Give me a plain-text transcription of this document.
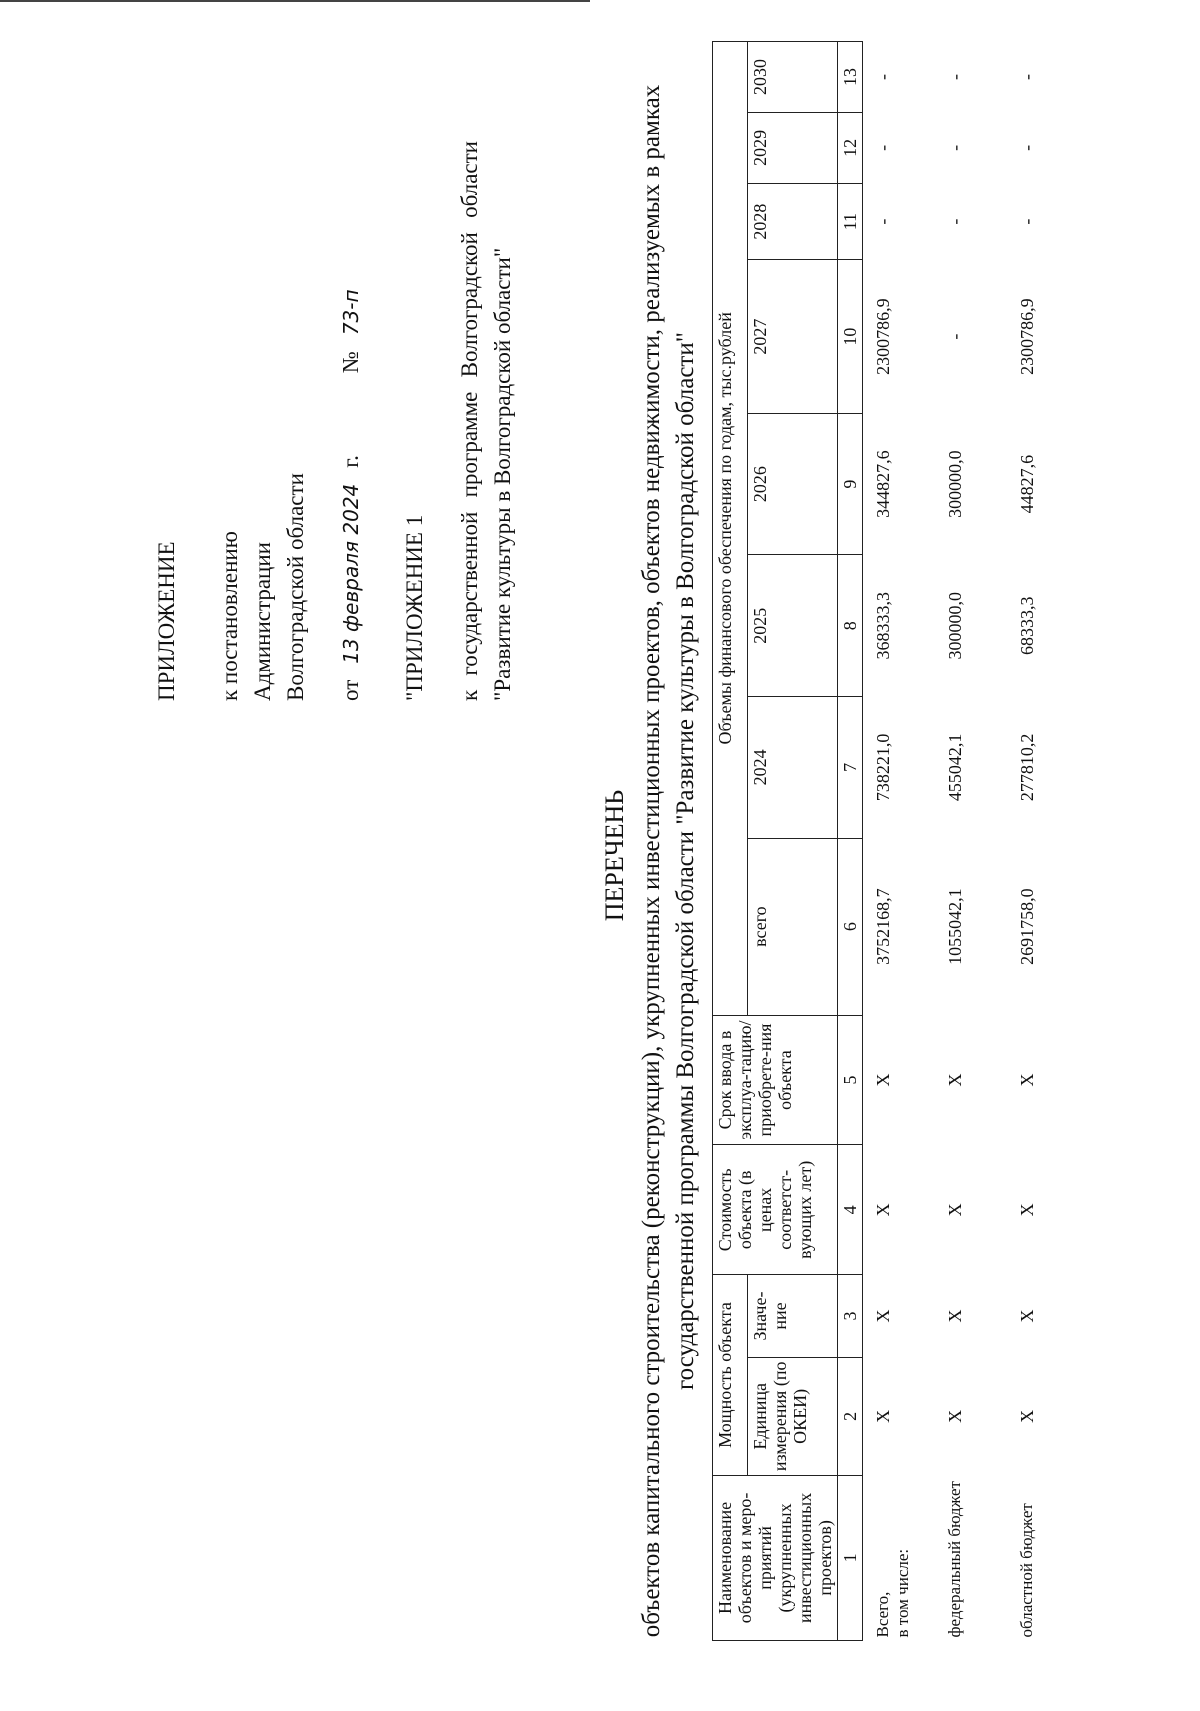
ПРИЛОЖЕНИЕ к постановлению Администрации Волгоградской области от
13 февраля 2024
г.
№
73-п
"ПРИЛОЖЕНИЕ 1 к государственной программе Волгоградской области "Развитие культуры в Волгоградской области"
ПЕРЕЧЕНЬ объектов капитального строительства (реконструкции), укрупненных инвестиционных проектов, объектов недвижимости, реализуемых в рамках государственной программы Волгоградской области "Развитие культуры в Волгоградской области"
Наименование объектов и меро-приятий (укрупненных инвестиционных проектов)	Мощность объекта		Стоимость объекта (в ценах соответст-вующих лет)	Срок ввода в эксплуа-тацию/ приобрете-ния объекта	Объемы финансового обеспечения по годам, тыс.рублей							
	Единица измерения (по ОКЕИ)	Значе-ние			всего	2024	2025	2026	2027	2028	2029	2030
1	2	3	4	5	6	7	8	9	10	11	12	13
Всего,
в том числе:	Х	Х	Х	Х	3752168,7	738221,0	368333,3	344827,6	2300786,9	-	-	-
федеральный бюджет	Х	Х	Х	Х	1055042,1	455042,1	300000,0	300000,0	-	-	-	-
областной бюджет	Х	Х	Х	Х	2691758,0	277810,2	68333,3	44827,6	2300786,9	-	-	-
